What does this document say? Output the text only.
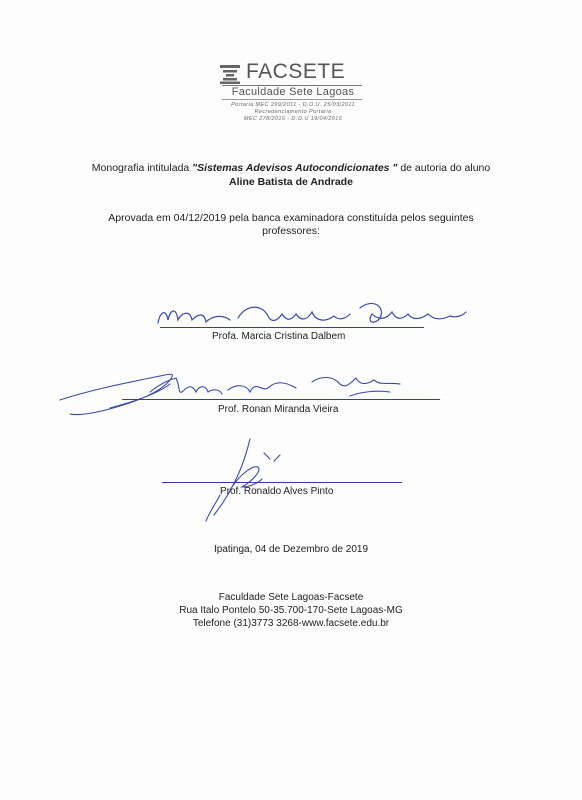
FACSETE
Faculdade Sete Lagoas
Portaria MEC 299/2011 - D.O.U. 25/03/2011
Recredenciamento Portaria
MEC 278/2016 - D.O.U 19/04/2016
Monografia intitulada "Sistemas Adevisos Autocondicionates " de autoria do aluno
Aline Batista de Andrade
Aprovada em 04/12/2019 pela banca examinadora constituída pelos seguintes
professores:
Profa. Marcia Cristina Dalbem
Prof. Ronan Miranda Vieira
Prof. Ronaldo Alves Pinto
Ipatinga, 04 de Dezembro de 2019
Faculdade Sete Lagoas-Facsete
Rua Italo Pontelo 50-35.700-170-Sete Lagoas-MG
Telefone (31)3773 3268-www.facsete.edu.br
